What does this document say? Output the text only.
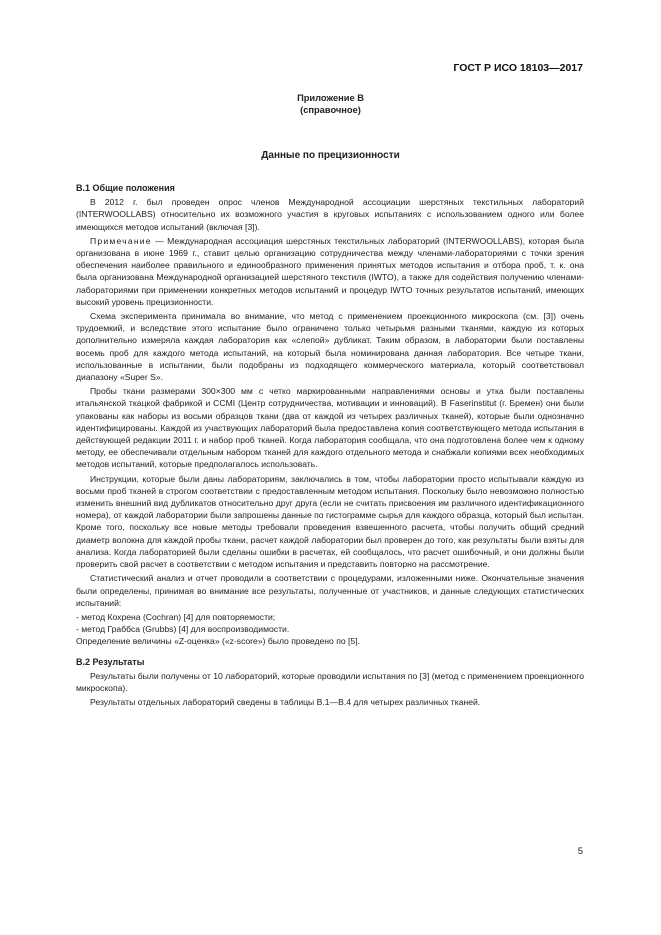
ГОСТ Р ИСО 18103—2017
Приложение В
(справочное)
Данные по прецизионности
В.1 Общие положения
В 2012 г. был проведен опрос членов Международной ассоциации шерстяных текстильных лабораторий (INTERWOOLLABS) относительно их возможного участия в круговых испытаниях с использованием одного или более имеющихся методов испытаний (включая [3]).
Примечание — Международная ассоциация шерстяных текстильных лабораторий (INTERWOOLLABS), которая была организована в июне 1969 г., ставит целью организацию сотрудничества между членами-лабораториями с точки зрения обеспечения наиболее правильного и единообразного применения принятых методов испытания и отбора проб, т. к. она была организована Международной организацией шерстяного текстиля (IWTO), а также для содействия получению членами-лабораториями при применении конкретных методов испытаний и процедур IWTO точных результатов испытаний, имеющих высокий уровень прецизионности.
Схема эксперимента принимала во внимание, что метод с применением проекционного микроскопа (см. [3]) очень трудоемкий, и вследствие этого испытание было ограничено только четырьмя разными тканями, каждую из которых дополнительно измеряла каждая лаборатория как «слепой» дубликат. Таким образом, в лаборатории были поставлены восемь проб для каждого метода испытаний, на который была номинирована данная лаборатория. Все четыре ткани, использованные в испытании, были подобраны из подходящего коммерческого материала, который соответствовал диапазону «Super S».
Пробы ткани размерами 300×300 мм с четко маркированными направлениями основы и утка были поставлены итальянской ткацкой фабрикой и CCMI (Центр сотрудничества, мотивации и инноваций). В Faserinstitut (г. Бремен) они были упакованы как наборы из восьми образцов ткани (два от каждой из четырех различных тканей), которые были однозначно идентифицированы. Каждой из участвующих лабораторий была предоставлена копия соответствующего метода испытания в действующей редакции 2011 г. и набор проб тканей. Когда лаборатория сообщала, что она подготовлена более чем к одному методу, ее обеспечивали отдельным набором тканей для каждого отдельного метода и снабжали копиями всех необходимых методов испытаний, которые предполагалось использовать.
Инструкции, которые были даны лабораториям, заключались в том, чтобы лаборатории просто испытывали каждую из восьми проб тканей в строгом соответствии с предоставленным методом испытания. Поскольку было невозможно полностью изменить внешний вид дубликатов относительно друг друга (если не считать присвоения им различного идентификационного номера), от каждой лаборатории были запрошены данные по гистограмме сырья для каждого образца, который был испытан. Кроме того, поскольку все новые методы требовали проведения взвешенного расчета, чтобы получить общий средний диаметр волокна для каждой пробы ткани, расчет каждой лаборатории был проверен до того, как результаты были взяты для анализа. Когда лабораторией были сделаны ошибки в расчетах, ей сообщалось, что расчет ошибочный, и они должны были проверить свой расчет в соответствии с методом испытания и представить повторно на рассмотрение.
Статистический анализ и отчет проводили в соответствии с процедурами, изложенными ниже. Окончательные значения были определены, принимая во внимание все результаты, полученные от участников, и данные следующих статистических испытаний:
- метод Кохрена (Cochran) [4] для повторяемости;
- метод Граббса (Grubbs) [4] для воспроизводимости.
Определение величины «Z-оценка» («z-score») было проведено по [5].
В.2 Результаты
Результаты были получены от 10 лабораторий, которые проводили испытания по [3] (метод с применением проекционного микроскопа).
Результаты отдельных лабораторий сведены в таблицы В.1—В.4 для четырех различных тканей.
5
